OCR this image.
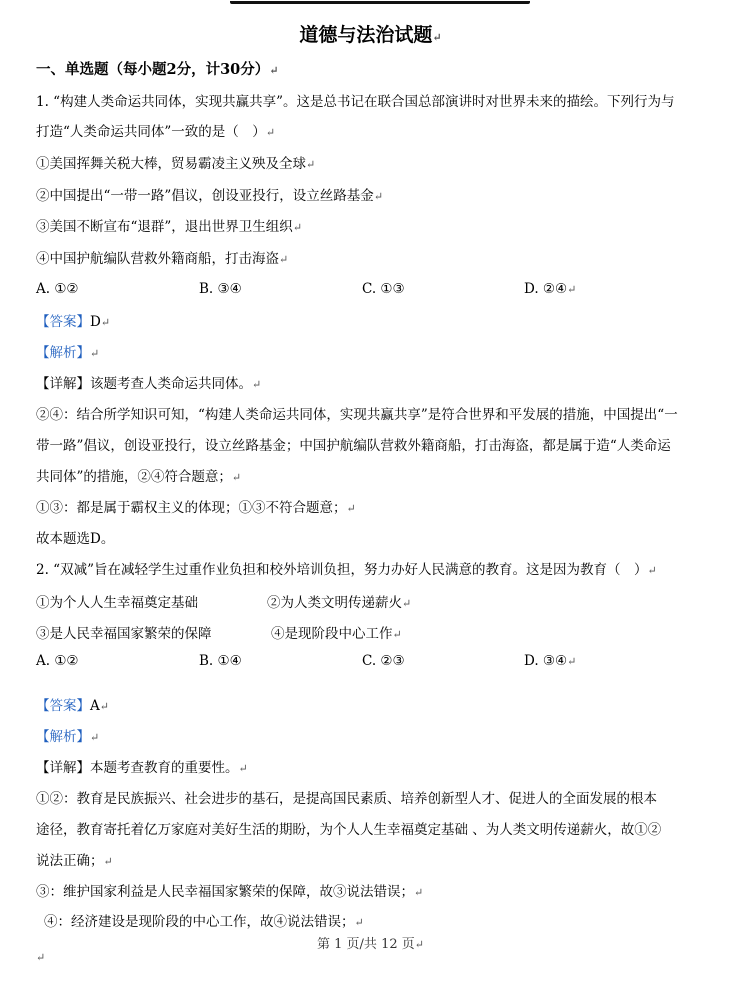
道德与法治试题↵
一、单选题（每小题2分，计30分）↵
1. “构建人类命运共同体，实现共赢共享”。这是总书记在联合国总部演讲时对世界未来的描绘。下列行为与
打造“人类命运共同体”一致的是（　）↵
①美国挥舞关税大棒，贸易霸凌主义殃及全球↵
②中国提出“一带一路”倡议，创设亚投行，设立丝路基金↵
③美国不断宣布“退群”，退出世界卫生组织↵
④中国护航编队营救外籍商船，打击海盗↵
A. ①②	B. ③④	C. ①③	D. ②④↵
【答案】D↵
【解析】↵
【详解】该题考查人类命运共同体。↵
②④：结合所学知识可知，“构建人类命运共同体，实现共赢共享”是符合世界和平发展的措施，中国提出“一
带一路”倡议，创设亚投行，设立丝路基金；中国护航编队营救外籍商船，打击海盗，都是属于造“人类命运
共同体”的措施，②④符合题意；↵
①③：都是属于霸权主义的体现；①③不符合题意；↵
故本题选D。
2. “双减”旨在减轻学生过重作业负担和校外培训负担，努力办好人民满意的教育。这是因为教育（　）↵
①为个人人生幸福奠定基础	②为人类文明传递薪火↵
③是人民幸福国家繁荣的保障	④是现阶段中心工作↵
A. ①②	B. ①④	C. ②③	D. ③④↵
【答案】A↵
【解析】↵
【详解】本题考查教育的重要性。↵
①②：教育是民族振兴、社会进步的基石，是提高国民素质、培养创新型人才、促进人的全面发展的根本
途径，教育寄托着亿万家庭对美好生活的期盼，为个人人生幸福奠定基础 、为人类文明传递薪火，故①②
说法正确；↵
③：维护国家利益是人民幸福国家繁荣的保障，故③说法错误；↵
④：经济建设是现阶段的中心工作，故④说法错误；↵
第 1 页/共 12 页↵
↵
